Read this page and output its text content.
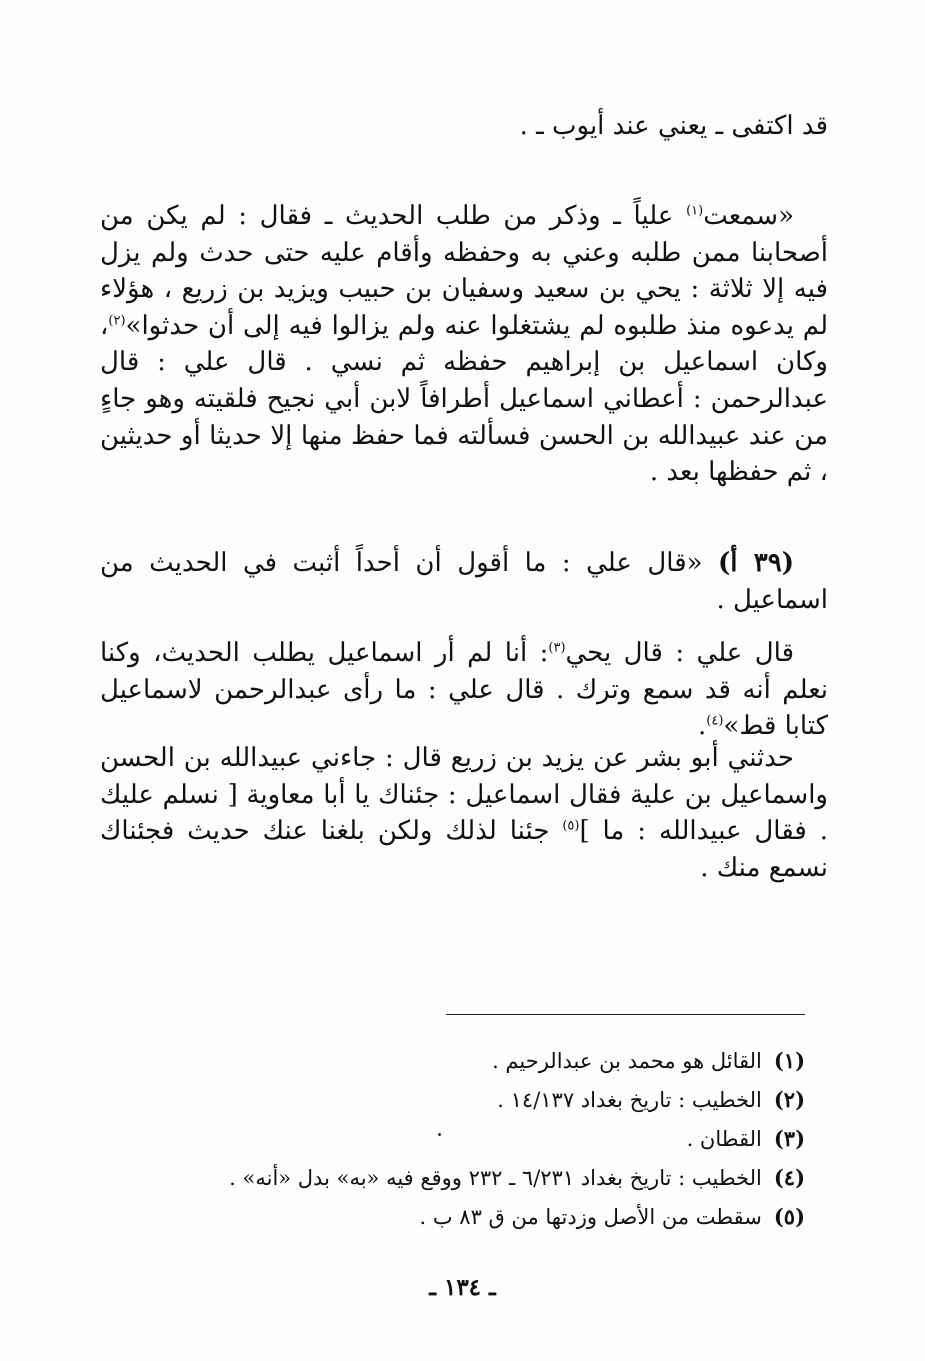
قد اكتفى ـ يعني عند أيوب ـ .

«سمعت$^{(١)}$ علياً ـ وذكر من طلب الحديث ـ فقال : لم يكن من أصحابنا ممن طلبه وعني به وحفظه وأقام عليه حتى حدث ولم يزل فيه إلا ثلاثة : يحي بن سعيد وسفيان بن حبيب ويزيد بن زريع ، هؤلاء لم يدعوه منذ طلبوه لم يشتغلوا عنه ولم يزالوا فيه إلى أن حدثوا»$^{(٢)}$، وكان اسماعيل بن إبراهيم حفظه ثم نسي . قال علي : قال عبدالرحمن : أعطاني اسماعيل أطرافاً لابن أبي نجيح فلقيته وهو جاءٍ من عند عبيدالله بن الحسن فسألته فما حفظ منها إلا حديثا أو حديثين ، ثم حفظها بعد .

(٣٩ أ) «قال علي : ما أقول أن أحداً أثبت في الحديث من اسماعيل .

قال علي : قال يحي$^{(٣)}$: أنا لم أر اسماعيل يطلب الحديث، وكنا نعلم أنه قد سمع وترك . قال علي : ما رأى عبدالرحمن لاسماعيل كتابا قط»$^{(٤)}$.

حدثني أبو بشر عن يزيد بن زريع قال : جاءني عبيدالله بن الحسن واسماعيل بن علية فقال اسماعيل : جئناك يا أبا معاوية [ نسلم عليك . فقال عبيدالله : ما ]$^{(٥)}$ جئنا لذلك ولكن بلغنا عنك حديث فجئناك نسمع منك .

(١)القائل هو محمد بن عبدالرحيم .
(٢)الخطيب : تاريخ بغداد ١٤/١٣٧ .
(٣)القطان .
(٤)الخطيب : تاريخ بغداد ٦/٢٣١ ـ ٢٣٢ ووقع فيه «به» بدل «أنه» .
(٥)سقطت من الأصل وزدتها من ق ٨٣ ب .
ـ ١٣٤ ـ
